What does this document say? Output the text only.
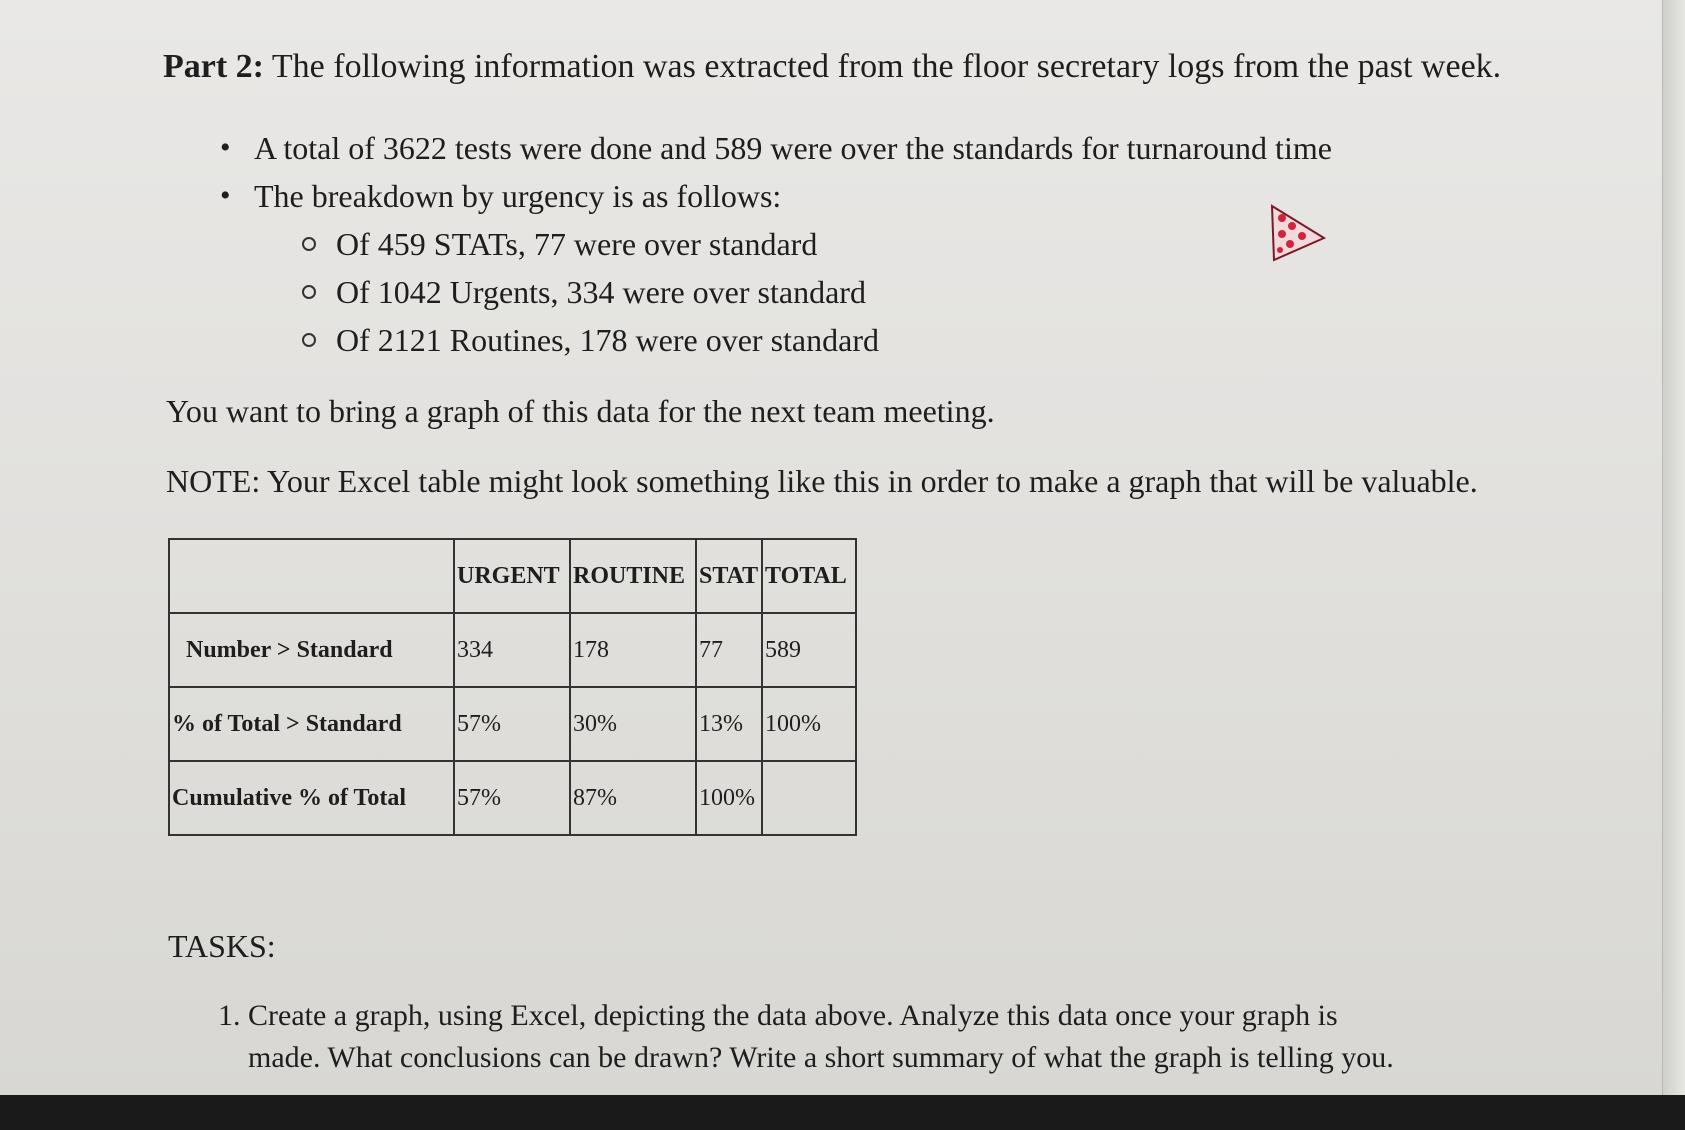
Part 2: The following information was extracted from the floor secretary logs from the past week.
• A total of 3622 tests were done and 589 were over the standards for turnaround time
• The breakdown by urgency is as follows:
Of 459 STATs, 77 were over standard
Of 1042 Urgents, 334 were over standard
Of 2121 Routines, 178 were over standard
You want to bring a graph of this data for the next team meeting.
NOTE: Your Excel table might look something like this in order to make a graph that will be valuable.
	URGENT	ROUTINE	STAT	TOTAL
Number > Standard	334	178	77	589
% of Total > Standard	57%	30%	13%	100%
Cumulative % of Total	57%	87%	100%	
TASKS:
1. Create a graph, using Excel, depicting the data above. Analyze this data once your graph is
made. What conclusions can be drawn? Write a short summary of what the graph is telling you.
